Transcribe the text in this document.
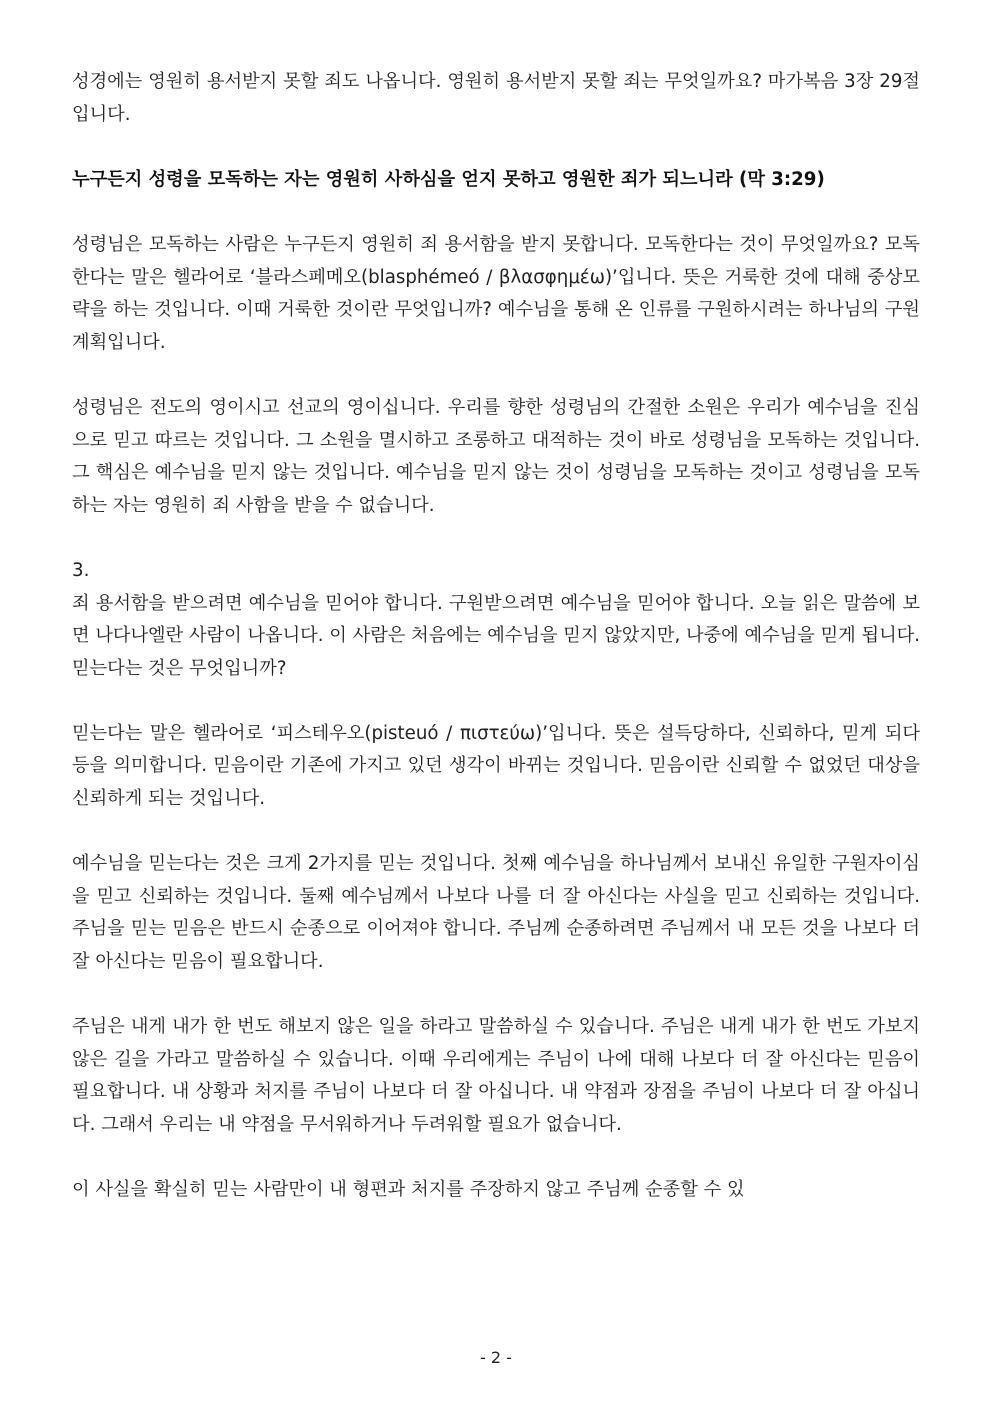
성경에는 영원히 용서받지 못할 죄도 나옵니다. 영원히 용서받지 못할 죄는 무엇일까요? 마가복음 3장 29절입니다.

누구든지 성령을 모독하는 자는 영원히 사하심을 얻지 못하고 영원한 죄가 되느니라 (막 3:29)

성령님은 모독하는 사람은 누구든지 영원히 죄 용서함을 받지 못합니다. 모독한다는 것이 무엇일까요? 모독한다는 말은 헬라어로 ‘블라스페메오(blasphémeó / βλασφημέω)’입니다. 뜻은 거룩한 것에 대해 중상모략을 하는 것입니다. 이때 거룩한 것이란 무엇입니까? 예수님을 통해 온 인류를 구원하시려는 하나님의 구원계획입니다.

성령님은 전도의 영이시고 선교의 영이십니다. 우리를 향한 성령님의 간절한 소원은 우리가 예수님을 진심으로 믿고 따르는 것입니다. 그 소원을 멸시하고 조롱하고 대적하는 것이 바로 성령님을 모독하는 것입니다. 그 핵심은 예수님을 믿지 않는 것입니다. 예수님을 믿지 않는 것이 성령님을 모독하는 것이고 성령님을 모독하는 자는 영원히 죄 사함을 받을 수 없습니다.

3.

죄 용서함을 받으려면 예수님을 믿어야 합니다. 구원받으려면 예수님을 믿어야 합니다. 오늘 읽은 말씀에 보면 나다나엘란 사람이 나옵니다. 이 사람은 처음에는 예수님을 믿지 않았지만, 나중에 예수님을 믿게 됩니다. 믿는다는 것은 무엇입니까?

믿는다는 말은 헬라어로 ‘피스테우오(pisteuó / πιστεύω)’입니다. 뜻은 설득당하다, 신뢰하다, 믿게 되다 등을 의미합니다. 믿음이란 기존에 가지고 있던 생각이 바뀌는 것입니다. 믿음이란 신뢰할 수 없었던 대상을 신뢰하게 되는 것입니다.

예수님을 믿는다는 것은 크게 2가지를 믿는 것입니다. 첫째 예수님을 하나님께서 보내신 유일한 구원자이심을 믿고 신뢰하는 것입니다. 둘째 예수님께서 나보다 나를 더 잘 아신다는 사실을 믿고 신뢰하는 것입니다. 주님을 믿는 믿음은 반드시 순종으로 이어져야 합니다. 주님께 순종하려면 주님께서 내 모든 것을 나보다 더 잘 아신다는 믿음이 필요합니다.

주님은 내게 내가 한 번도 해보지 않은 일을 하라고 말씀하실 수 있습니다. 주님은 내게 내가 한 번도 가보지 않은 길을 가라고 말씀하실 수 있습니다. 이때 우리에게는 주님이 나에 대해 나보다 더 잘 아신다는 믿음이 필요합니다. 내 상황과 처지를 주님이 나보다 더 잘 아십니다. 내 약점과 장점을 주님이 나보다 더 잘 아십니다. 그래서 우리는 내 약점을 무서워하거나 두려워할 필요가 없습니다.

이 사실을 확실히 믿는 사람만이 내 형편과 처지를 주장하지 않고 주님께 순종할 수 있

- 2 -
